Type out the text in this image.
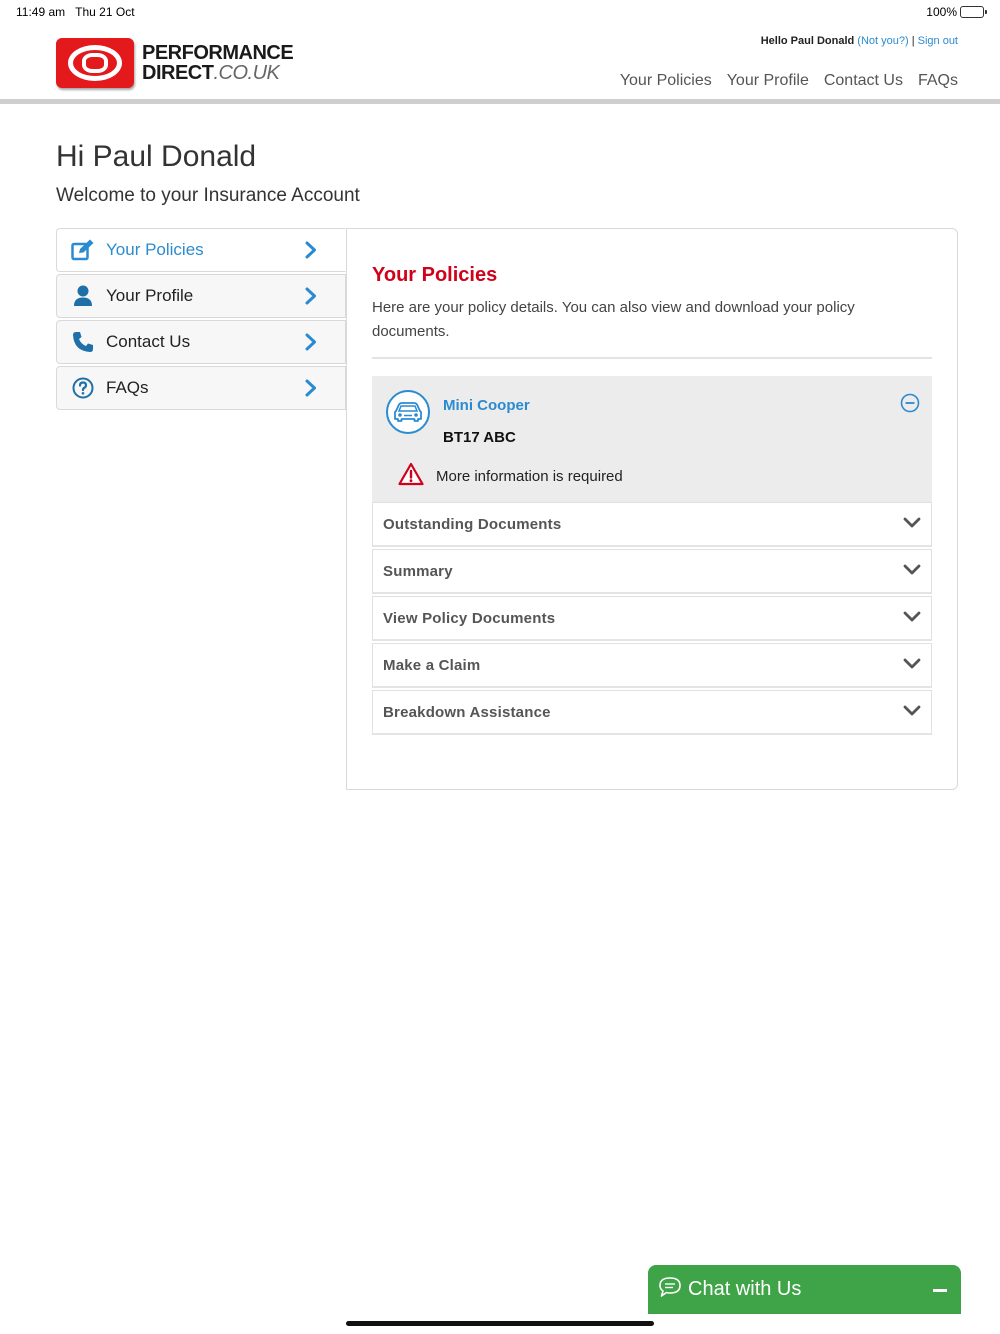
11:49 am Thu 21 Oct	100%
PERFORMANCE
DIRECT.CO.UK
Hello Paul Donald (Not you?) | Sign out
Your Policies Your Profile Contact Us FAQs
Hi Paul Donald
Welcome to your Insurance Account
Your Policies
Your Profile
Contact Us
FAQs
Your Policies
Here are your policy details. You can also view and download your policy documents.
Mini Cooper
BT17 ABC
More information is required
Outstanding Documents
Summary
View Policy Documents
Make a Claim
Breakdown Assistance
Chat with Us
